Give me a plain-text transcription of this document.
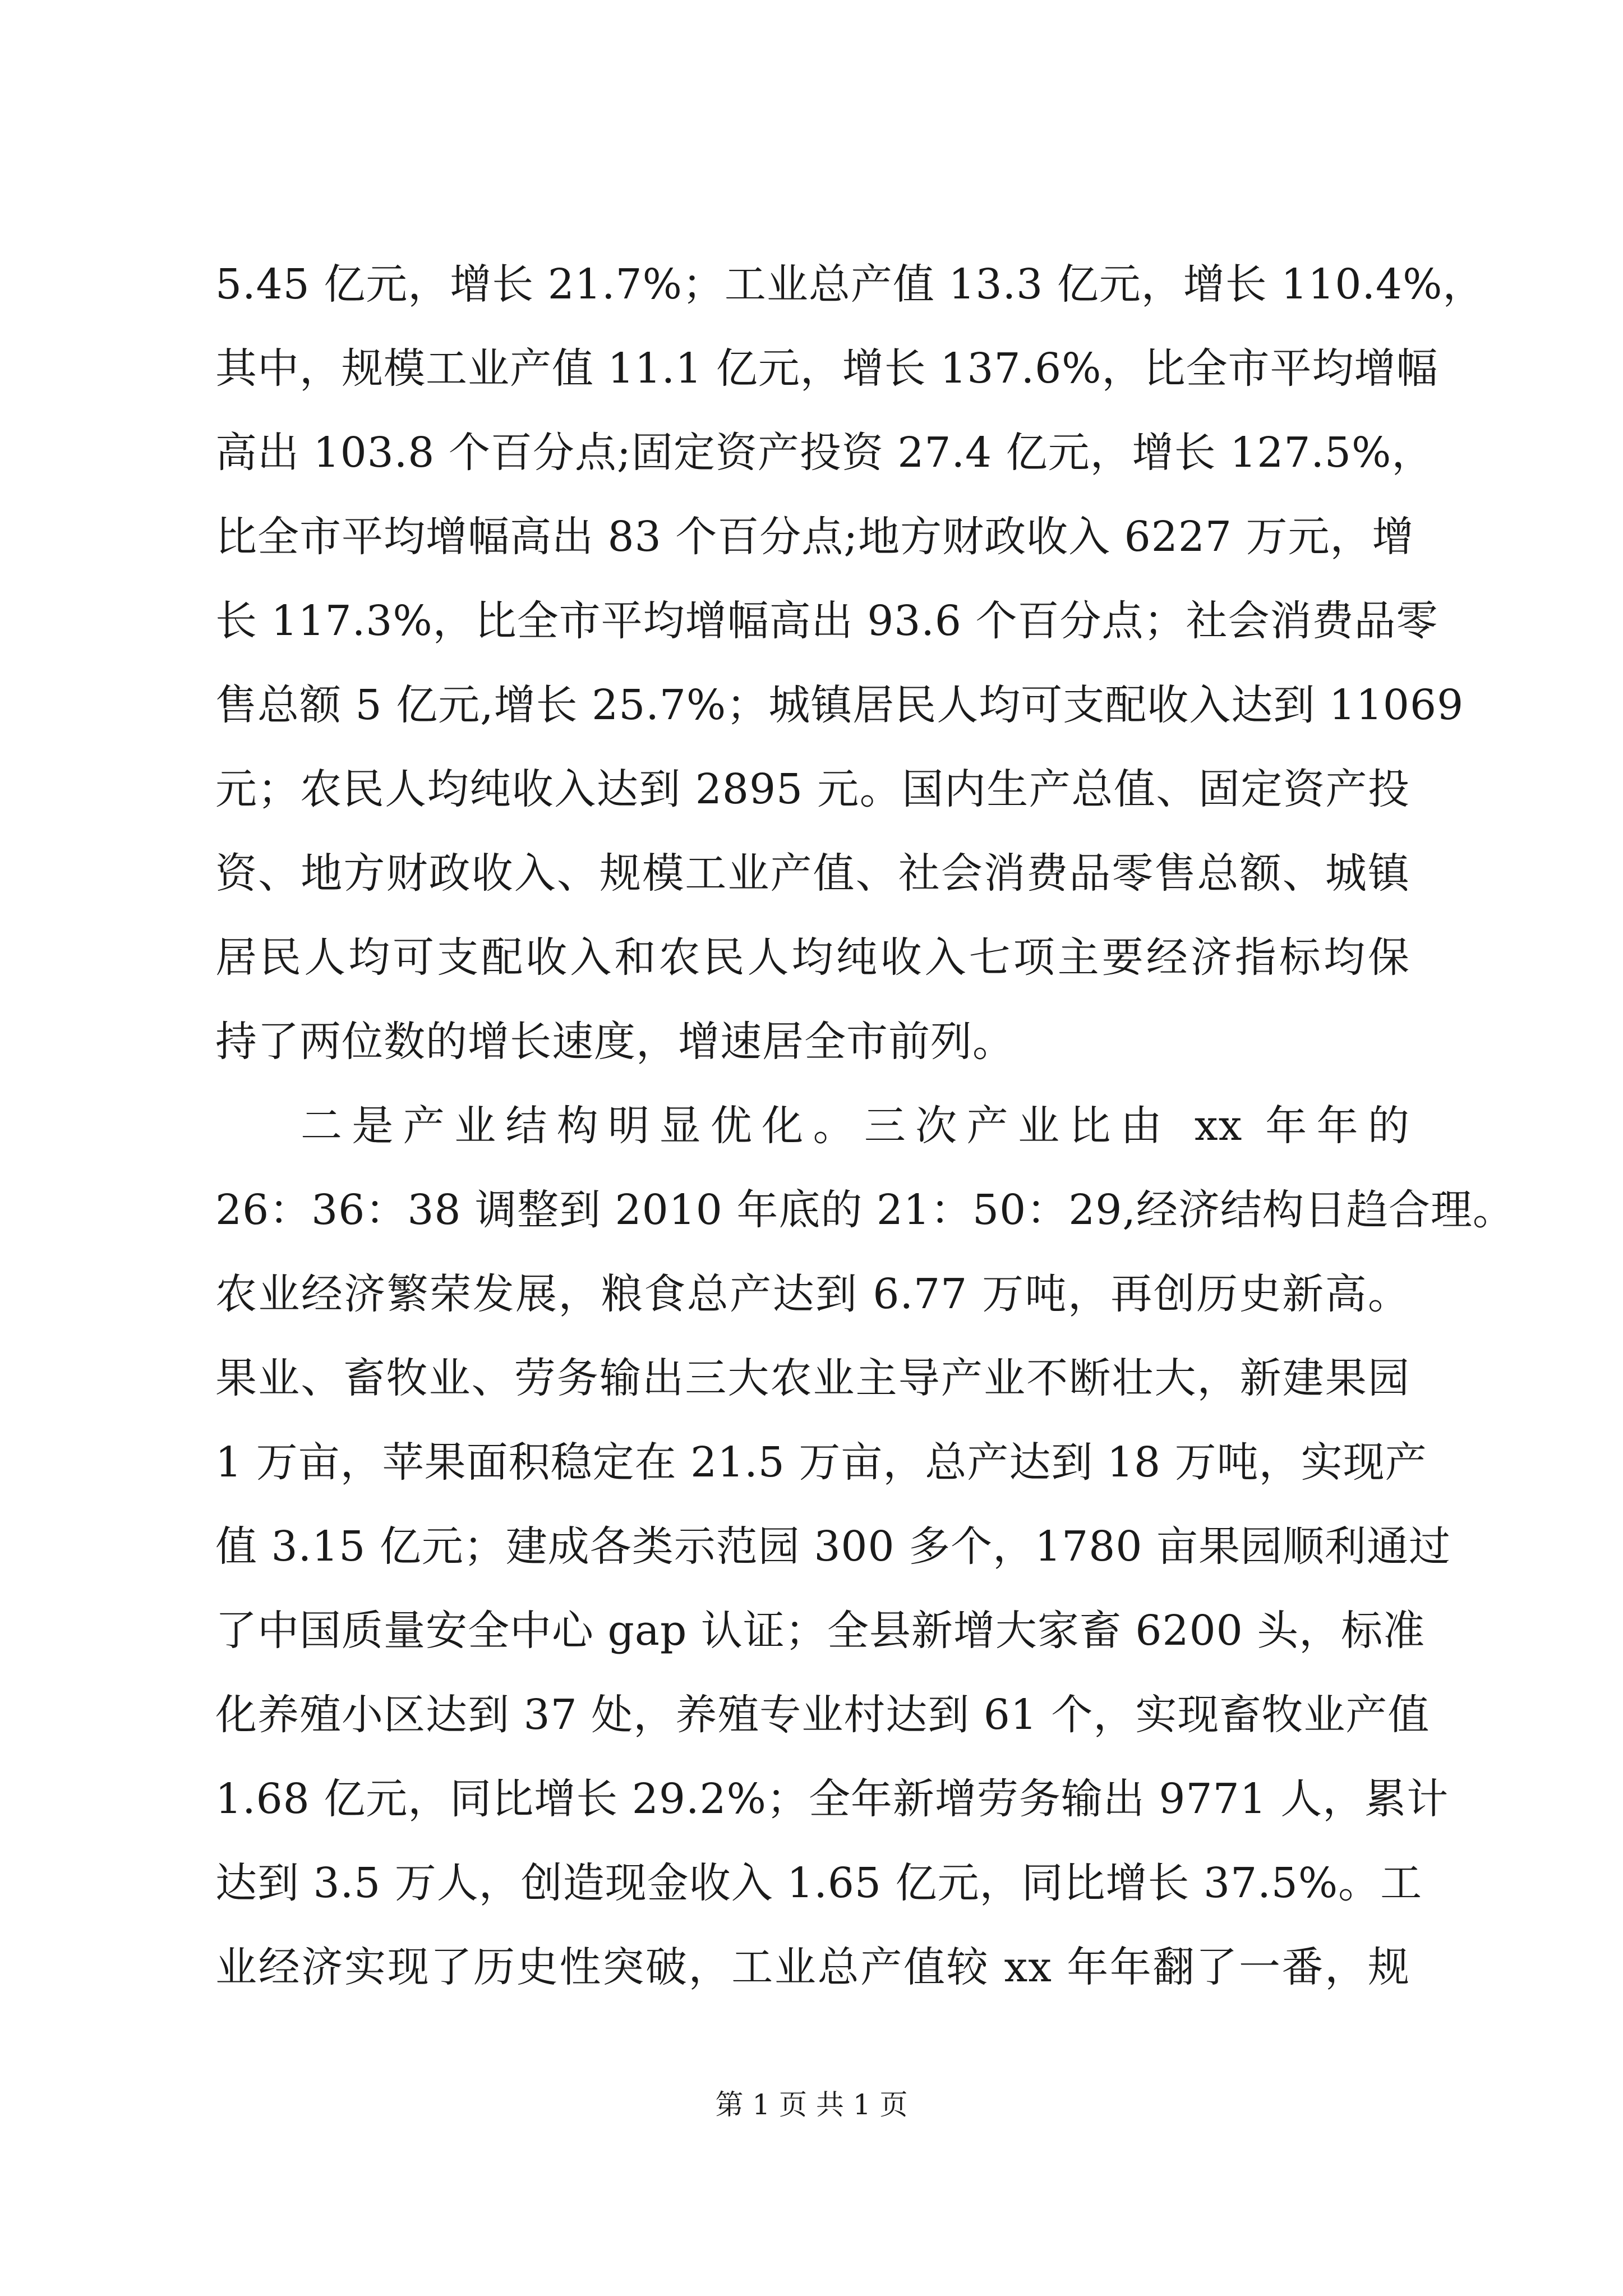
5.45 亿元，增长 21.7%；工业总产值 13.3 亿元，增长 110.4%，
其中，规模工业产值 11.1 亿元，增长 137.6%，比全市平均增幅
高出 103.8 个百分点;固定资产投资 27.4 亿元，增长 127.5%，
比全市平均增幅高出 83 个百分点;地方财政收入 6227 万元，增
长 117.3%，比全市平均增幅高出 93.6 个百分点；社会消费品零
售总额 5 亿元,增长 25.7%；城镇居民人均可支配收入达到 11069
元；农民人均纯收入达到 2895 元。国内生产总值、固定资产投
资、地方财政收入、规模工业产值、社会消费品零售总额、城镇
居民人均可支配收入和农民人均纯收入七项主要经济指标均保
持了两位数的增长速度，增速居全市前列。
二是产业结构明显优化。三次产业比由 xx 年年的
26：36：38 调整到 2010 年底的 21：50：29,经济结构日趋合理。
农业经济繁荣发展，粮食总产达到 6.77 万吨，再创历史新高。
果业、畜牧业、劳务输出三大农业主导产业不断壮大，新建果园
1 万亩，苹果面积稳定在 21.5 万亩，总产达到 18 万吨，实现产
值 3.15 亿元；建成各类示范园 300 多个，1780 亩果园顺利通过
了中国质量安全中心 gap 认证；全县新增大家畜 6200 头，标准
化养殖小区达到 37 处，养殖专业村达到 61 个，实现畜牧业产值
1.68 亿元，同比增长 29.2%；全年新增劳务输出 9771 人，累计
达到 3.5 万人，创造现金收入 1.65 亿元，同比增长 37.5%。工
业经济实现了历史性突破，工业总产值较 xx 年年翻了一番，规
第 1 页 共 1 页
